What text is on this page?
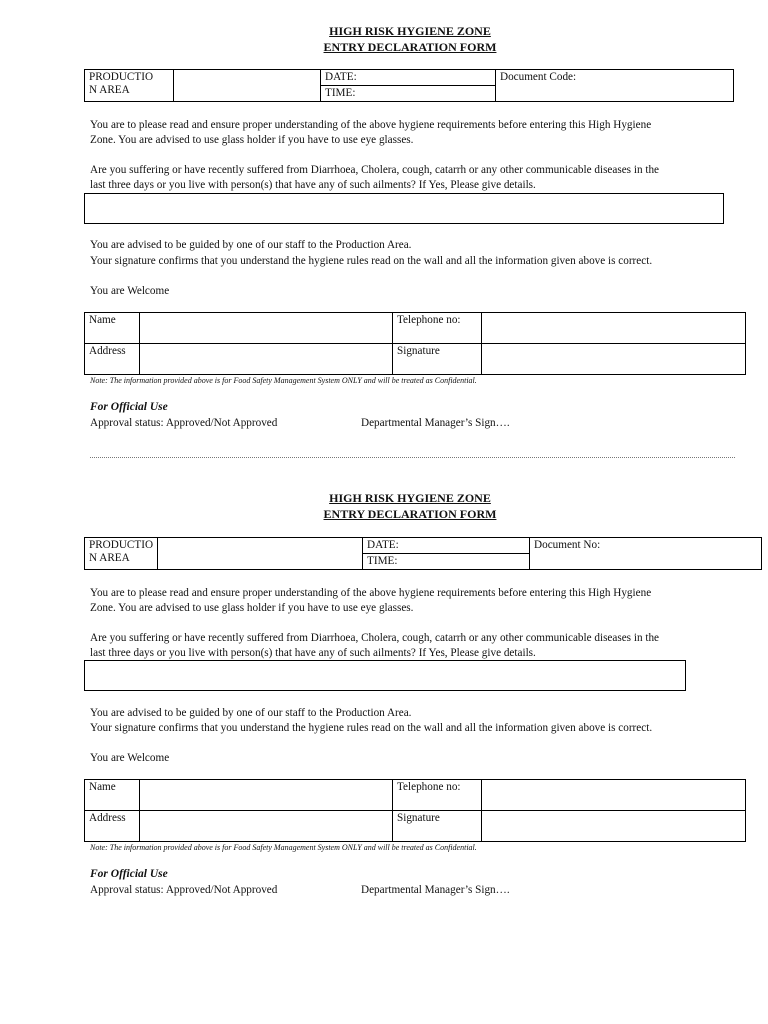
HIGH RISK HYGIENE ZONE
ENTRY DECLARATION FORM
PRODUCTIO
N AREA		DATE:	Document Code:
TIME:
You are to please read and ensure proper understanding of the above hygiene requirements before entering this High Hygiene
Zone. You are advised to use glass holder if you have to use eye glasses.
Are you suffering or have recently suffered from Diarrhoea, Cholera, cough, catarrh or any other communicable diseases in the
last three days or you live with person(s) that have any of such ailments? If Yes, Please give details.
You are advised to be guided by one of our staff to the Production Area.
Your signature confirms that you understand the hygiene rules read on the wall and all the information given above is correct.
You are Welcome
Name		Telephone no:	
Address		Signature	
Note: The information provided above is for Food Safety Management System ONLY and will be treated as Confidential.
For Official Use
Approval status: Approved/Not Approved	Departmental Manager’s Sign….
HIGH RISK HYGIENE ZONE
ENTRY DECLARATION FORM
PRODUCTIO
N AREA		DATE:	Document No:
TIME:
You are to please read and ensure proper understanding of the above hygiene requirements before entering this High Hygiene
Zone. You are advised to use glass holder if you have to use eye glasses.
Are you suffering or have recently suffered from Diarrhoea, Cholera, cough, catarrh or any other communicable diseases in the
last three days or you live with person(s) that have any of such ailments? If Yes, Please give details.
You are advised to be guided by one of our staff to the Production Area.
Your signature confirms that you understand the hygiene rules read on the wall and all the information given above is correct.
You are Welcome
Name		Telephone no:	
Address		Signature	
Note: The information provided above is for Food Safety Management System ONLY and will be treated as Confidential.
For Official Use
Approval status: Approved/Not Approved	Departmental Manager’s Sign….
